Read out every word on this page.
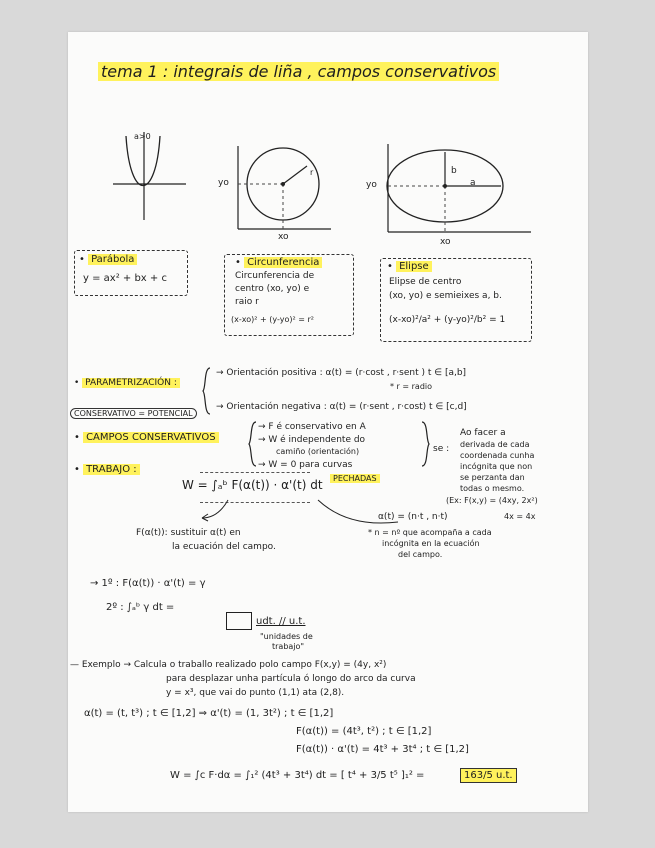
tema 1 : integrais de liña , campos conservativos
a>0
yo
xo
r
yo
xo
b
a
• Parábola
y = ax² + bx + c
• Circunferencia
Circunferencia de
centro (xo, yo) e
raio r
(x-xo)² + (y-yo)² = r²
• Elipse
Elipse de centro
(xo, yo) e semieixes a, b.
(x-xo)²/a² + (y-yo)²/b² = 1
• PARAMETRIZACIÓN :
→ Orientación positiva : α(t) = (r·cost , r·sent ) t ∈ [a,b]
* r = radio
→ Orientación negativa : α(t) = (r·sent , r·cost) t ∈ [c,d]
CONSERVATIVO = POTENCIAL
• CAMPOS CONSERVATIVOS
→ F é conservativo en A
→ W é independente do
camiño (orientación)
→ W = 0 para curvas
PECHADAS
se :
Ao facer a
derivada de cada
coordenada cunha
incógnita que non
se perzanta dan
todas o mesmo.
(Ex: F(x,y) = (4xy, 2x²)
4x = 4x
• TRABAJO :
W = ∫ₐᵇ F(α(t)) · α'(t) dt
α(t) = (n·t , n·t)
* n = nº que acompaña a cada
incógnita en la ecuación
del campo.
F(α(t)): sustituir α(t) en
la ecuación del campo.
→ 1º : F(α(t)) · α'(t) = γ
2º : ∫ₐᵇ γ dt =
udt. // u.t.
"unidades de
trabajo"
— Exemplo → Calcula o traballo realizado polo campo F(x,y) = (4y, x²)
para desplazar unha partícula ó longo do arco da curva
y = x³, que vai do punto (1,1) ata (2,8).
α(t) = (t, t³) ; t ∈ [1,2] ⇒ α'(t) = (1, 3t²) ; t ∈ [1,2]
F(α(t)) = (4t³, t²) ; t ∈ [1,2]
F(α(t)) · α'(t) = 4t³ + 3t⁴ ; t ∈ [1,2]
W = ∫c F·dα = ∫₁² (4t³ + 3t⁴) dt = [ t⁴ + 3/5 t⁵ ]₁² =	163/5 u.t.
